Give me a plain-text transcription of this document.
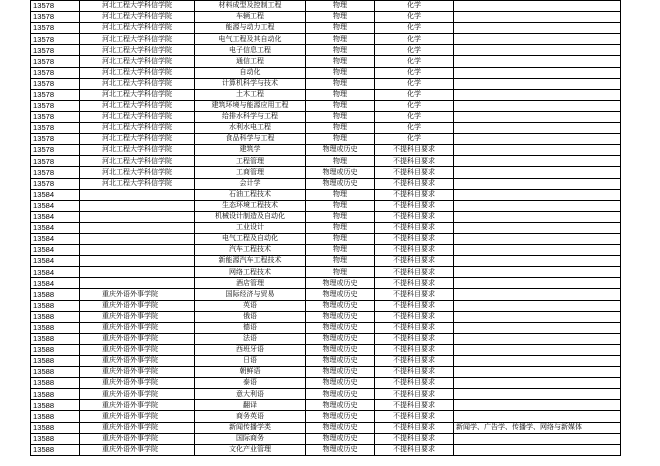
13578	河北工程大学科信学院	材料成型及控制工程	物理	化学	
13578	河北工程大学科信学院	车辆工程	物理	化学	
13578	河北工程大学科信学院	能源与动力工程	物理	化学	
13578	河北工程大学科信学院	电气工程及其自动化	物理	化学	
13578	河北工程大学科信学院	电子信息工程	物理	化学	
13578	河北工程大学科信学院	通信工程	物理	化学	
13578	河北工程大学科信学院	自动化	物理	化学	
13578	河北工程大学科信学院	计算机科学与技术	物理	化学	
13578	河北工程大学科信学院	土木工程	物理	化学	
13578	河北工程大学科信学院	建筑环境与能源应用工程	物理	化学	
13578	河北工程大学科信学院	给排水科学与工程	物理	化学	
13578	河北工程大学科信学院	水利水电工程	物理	化学	
13578	河北工程大学科信学院	食品科学与工程	物理	化学	
13578	河北工程大学科信学院	建筑学	物理或历史	不提科目要求	
13578	河北工程大学科信学院	工程管理	物理	不提科目要求	
13578	河北工程大学科信学院	工商管理	物理或历史	不提科目要求	
13578	河北工程大学科信学院	会计学	物理或历史	不提科目要求	
13584		石油工程技术	物理	不提科目要求	
13584		生态环境工程技术	物理	不提科目要求	
13584		机械设计制造及自动化	物理	不提科目要求	
13584		工业设计	物理	不提科目要求	
13584		电气工程及自动化	物理	不提科目要求	
13584		汽车工程技术	物理	不提科目要求	
13584		新能源汽车工程技术	物理	不提科目要求	
13584		网络工程技术	物理	不提科目要求	
13584		酒店管理	物理或历史	不提科目要求	
13588	重庆外语外事学院	国际经济与贸易	物理或历史	不提科目要求	
13588	重庆外语外事学院	英语	物理或历史	不提科目要求	
13588	重庆外语外事学院	俄语	物理或历史	不提科目要求	
13588	重庆外语外事学院	德语	物理或历史	不提科目要求	
13588	重庆外语外事学院	法语	物理或历史	不提科目要求	
13588	重庆外语外事学院	西班牙语	物理或历史	不提科目要求	
13588	重庆外语外事学院	日语	物理或历史	不提科目要求	
13588	重庆外语外事学院	朝鲜语	物理或历史	不提科目要求	
13588	重庆外语外事学院	泰语	物理或历史	不提科目要求	
13588	重庆外语外事学院	意大利语	物理或历史	不提科目要求	
13588	重庆外语外事学院	翻译	物理或历史	不提科目要求	
13588	重庆外语外事学院	商务英语	物理或历史	不提科目要求	
13588	重庆外语外事学院	新闻传播学类	物理或历史	不提科目要求	新闻学、广告学、传播学、网络与新媒体
13588	重庆外语外事学院	国际商务	物理或历史	不提科目要求	
13588	重庆外语外事学院	文化产业管理	物理或历史	不提科目要求	
